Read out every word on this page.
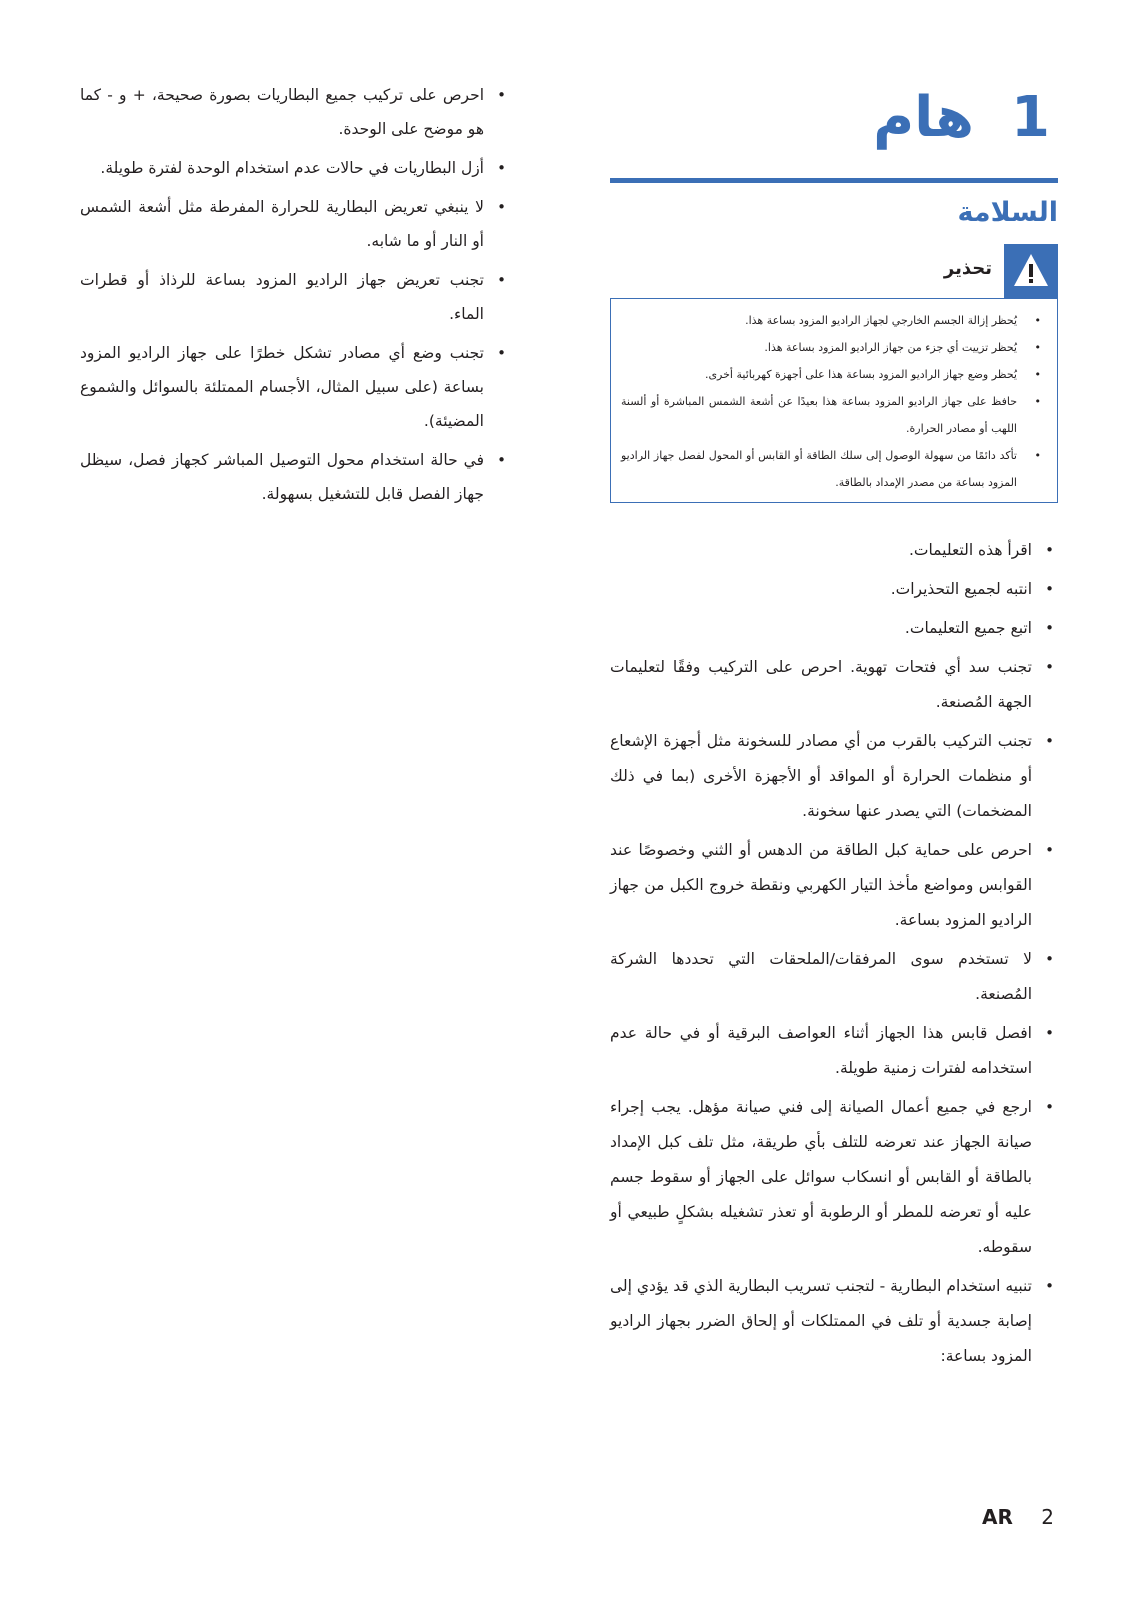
1
هام
السلامة
تحذير
• يُحظر إزالة الجسم الخارجي لجهاز الراديو المزود بساعة هذا.
• يُحظر تزييت أي جزء من جهاز الراديو المزود بساعة هذا.
• يُحظر وضع جهاز الراديو المزود بساعة هذا على أجهزة كهربائية أخرى.
• حافظ على جهاز الراديو المزود بساعة هذا بعيدًا عن أشعة الشمس المباشرة أو ألسنة اللهب أو مصادر الحرارة.
• تأكد دائمًا من سهولة الوصول إلى سلك الطاقة أو القابس أو المحول لفصل جهاز الراديو المزود بساعة من مصدر الإمداد بالطاقة.
• اقرأ هذه التعليمات.
• انتبه لجميع التحذيرات.
• اتبع جميع التعليمات.
• تجنب سد أي فتحات تهوية. احرص على التركيب وفقًا لتعليمات الجهة المُصنعة.
• تجنب التركيب بالقرب من أي مصادر للسخونة مثل أجهزة الإشعاع أو منظمات الحرارة أو المواقد أو الأجهزة الأخرى (بما في ذلك المضخمات) التي يصدر عنها سخونة.
• احرص على حماية كبل الطاقة من الدهس أو الثني وخصوصًا عند القوابس ومواضع مأخذ التيار الكهربي ونقطة خروج الكبل من جهاز الراديو المزود بساعة.
• لا تستخدم سوى المرفقات/الملحقات التي تحددها الشركة المُصنعة.
• افصل قابس هذا الجهاز أثناء العواصف البرقية أو في حالة عدم استخدامه لفترات زمنية طويلة.
• ارجع في جميع أعمال الصيانة إلى فني صيانة مؤهل. يجب إجراء صيانة الجهاز عند تعرضه للتلف بأي طريقة، مثل تلف كبل الإمداد بالطاقة أو القابس أو انسكاب سوائل على الجهاز أو سقوط جسم عليه أو تعرضه للمطر أو الرطوبة أو تعذر تشغيله بشكلٍ طبيعي أو سقوطه.
• تنبيه استخدام البطارية - لتجنب تسريب البطارية الذي قد يؤدي إلى إصابة جسدية أو تلف في الممتلكات أو إلحاق الضرر بجهاز الراديو المزود بساعة:
• احرص على تركيب جميع البطاريات بصورة صحيحة، + و - كما هو موضح على الوحدة.
• أزل البطاريات في حالات عدم استخدام الوحدة لفترة طويلة.
• لا ينبغي تعريض البطارية للحرارة المفرطة مثل أشعة الشمس أو النار أو ما شابه.
• تجنب تعريض جهاز الراديو المزود بساعة للرذاذ أو قطرات الماء.
• تجنب وضع أي مصادر تشكل خطرًا على جهاز الراديو المزود بساعة (على سبيل المثال، الأجسام الممتلئة بالسوائل والشموع المضيئة).
• في حالة استخدام محول التوصيل المباشر كجهاز فصل، سيظل جهاز الفصل قابل للتشغيل بسهولة.
AR 2
